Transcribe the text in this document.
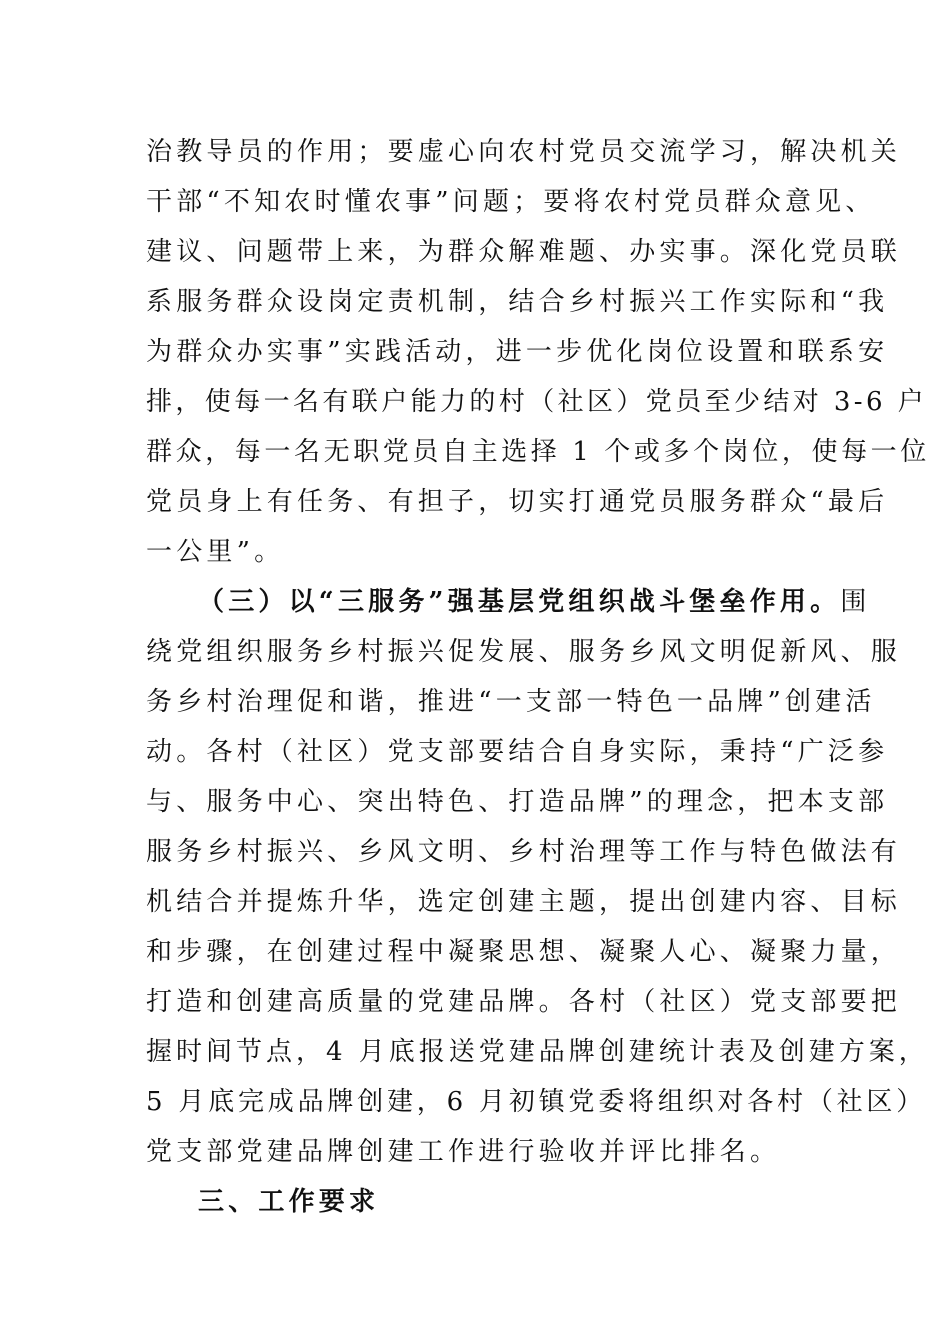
治教导员的作用；要虚心向农村党员交流学习，解决机关
干部“不知农时懂农事”问题；要将农村党员群众意见、
建议、问题带上来，为群众解难题、办实事。深化党员联
系服务群众设岗定责机制，结合乡村振兴工作实际和“我
为群众办实事”实践活动，进一步优化岗位设置和联系安
排，使每一名有联户能力的村（社区）党员至少结对 3-6 户
群众，每一名无职党员自主选择 1 个或多个岗位，使每一位
党员身上有任务、有担子，切实打通党员服务群众“最后
一公里”。
（三）以“三服务”强基层党组织战斗堡垒作用。围
绕党组织服务乡村振兴促发展、服务乡风文明促新风、服
务乡村治理促和谐，推进“一支部一特色一品牌”创建活
动。各村（社区）党支部要结合自身实际，秉持“广泛参
与、服务中心、突出特色、打造品牌”的理念，把本支部
服务乡村振兴、乡风文明、乡村治理等工作与特色做法有
机结合并提炼升华，选定创建主题，提出创建内容、目标
和步骤，在创建过程中凝聚思想、凝聚人心、凝聚力量，
打造和创建高质量的党建品牌。各村（社区）党支部要把
握时间节点，4 月底报送党建品牌创建统计表及创建方案，
5 月底完成品牌创建，6 月初镇党委将组织对各村（社区）
党支部党建品牌创建工作进行验收并评比排名。
三、工作要求
